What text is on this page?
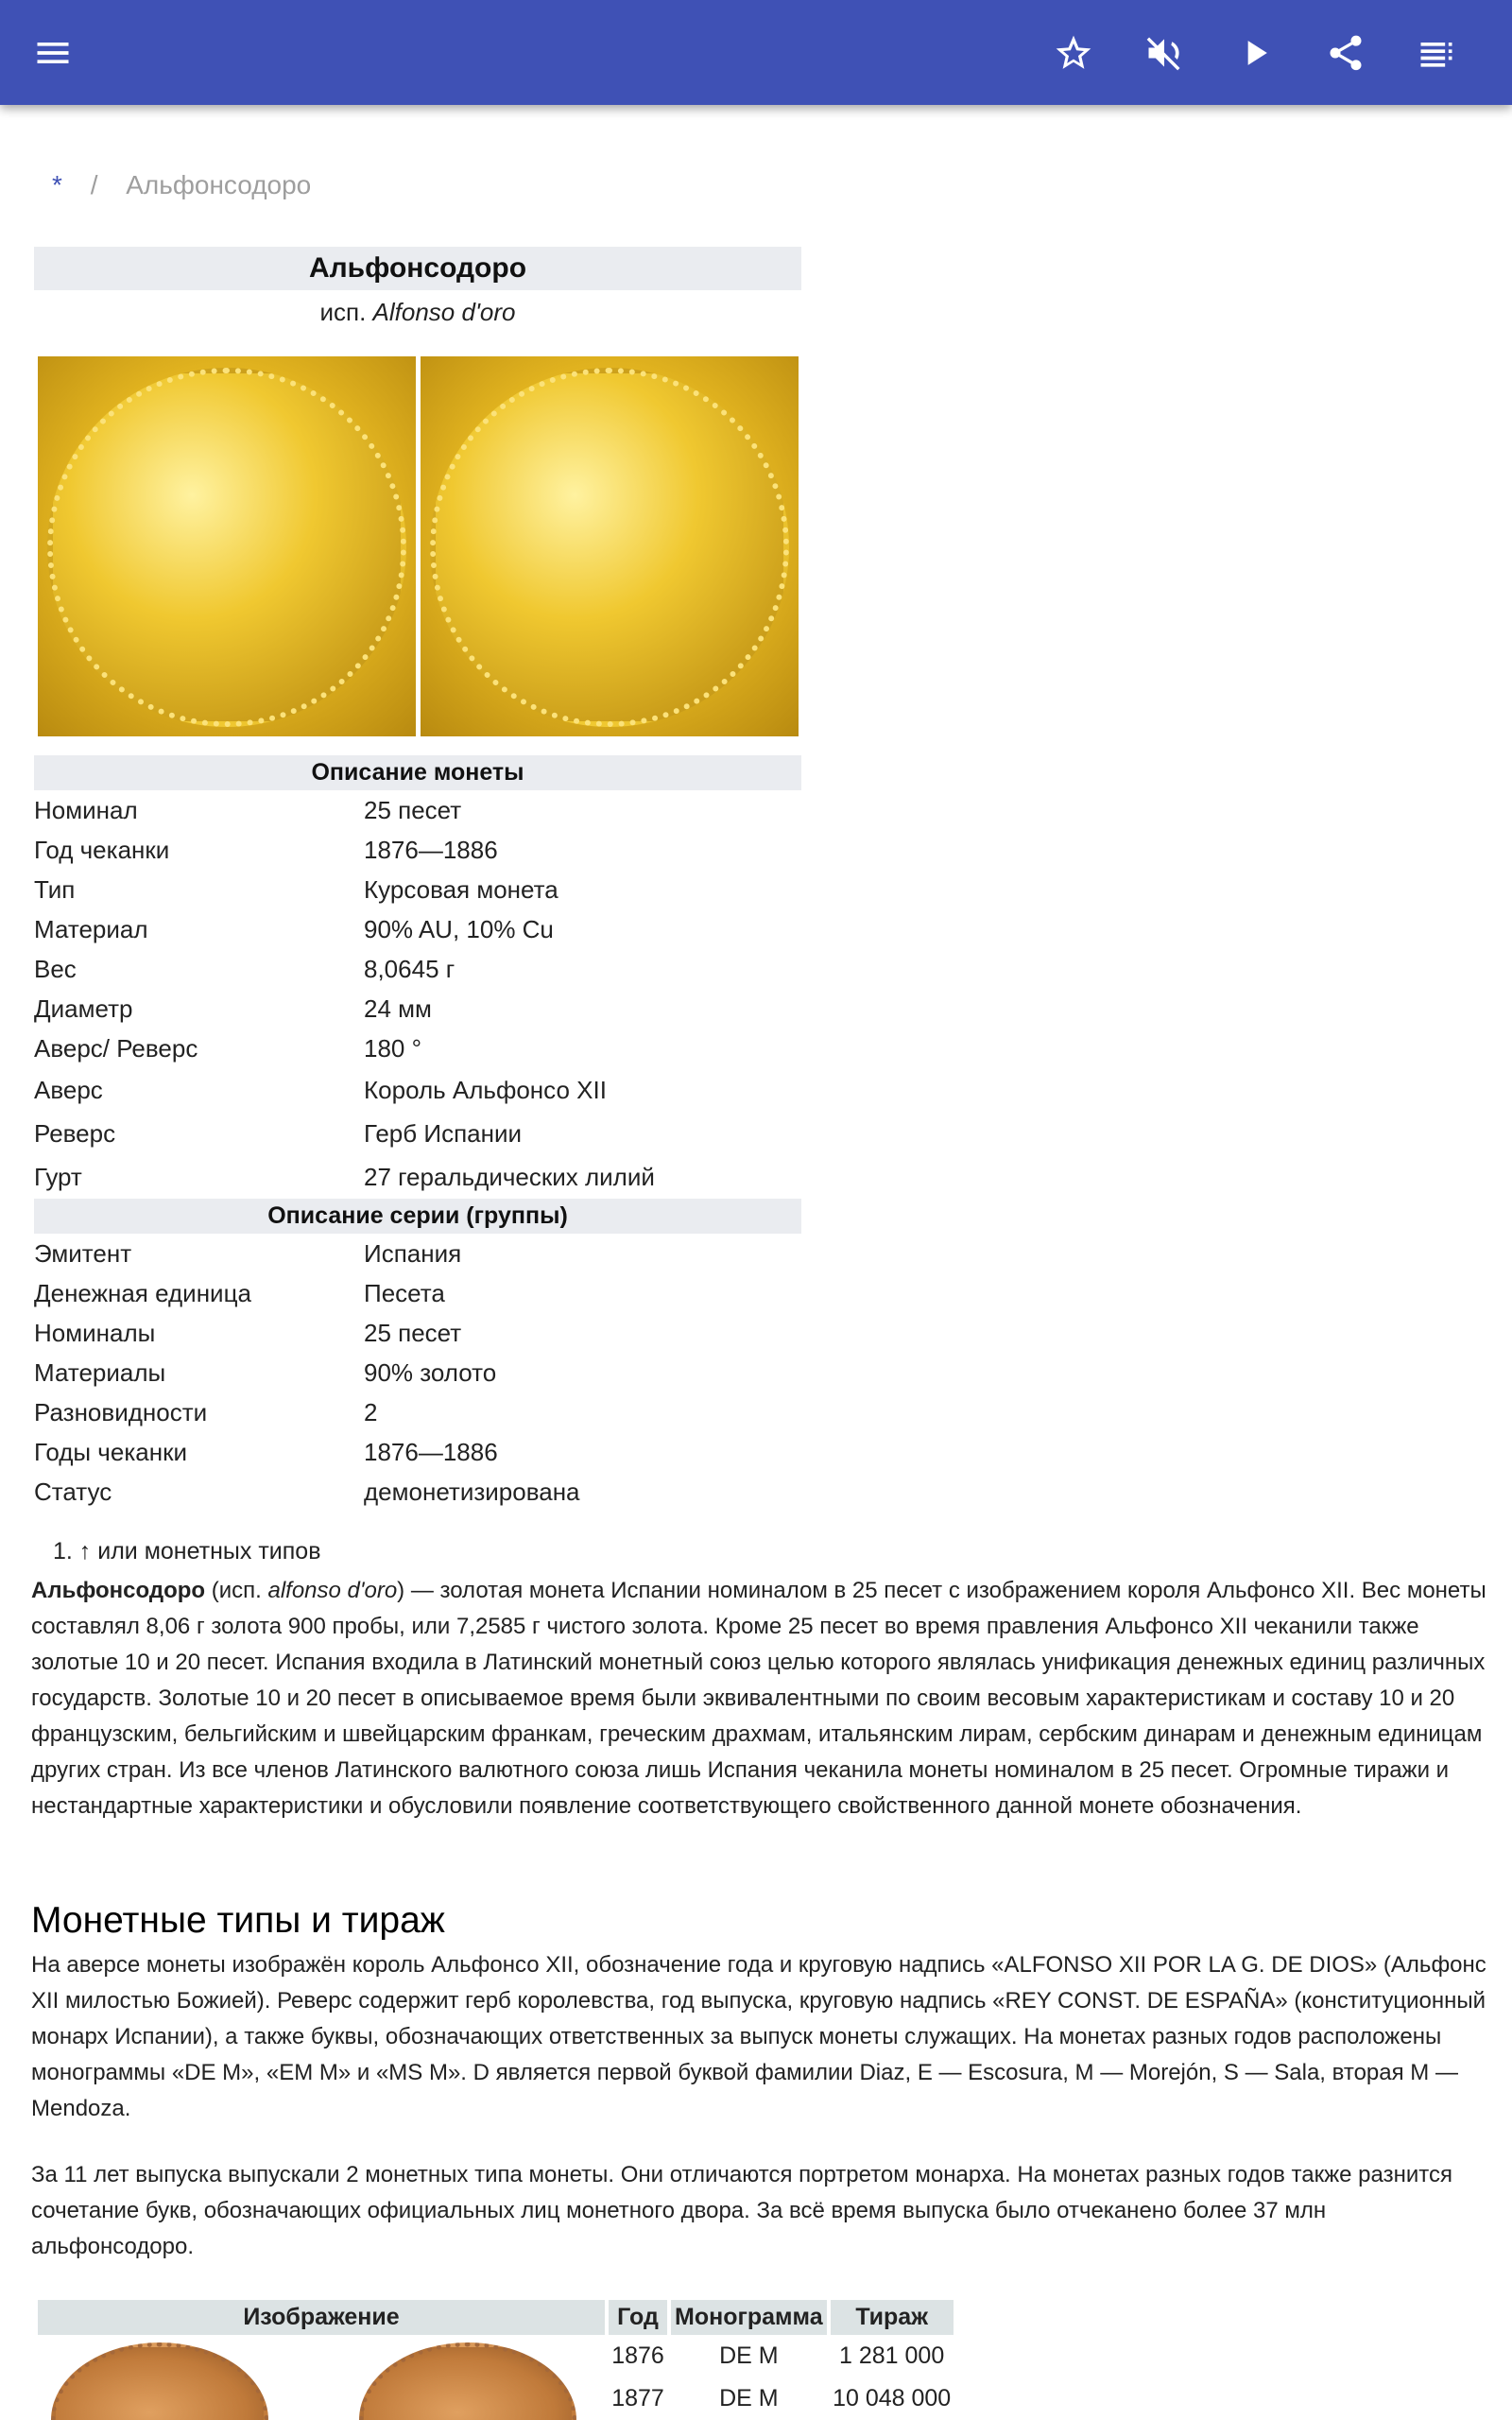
* / Альфонсодоро
Альфонсодоро
исп. Alfonso d'oro
Описание монеты
Номинал	25 песет
Год чеканки	1876—1886
Тип	Курсовая монета
Материал	90% AU, 10% Cu
Вес	8,0645 г
Диаметр	24 мм
Аверс/ Реверс	180 °
Аверс	Король Альфонсо XII
Реверс	Герб Испании
Гурт	27 геральдических лилий
Описание серии (группы)
Эмитент	Испания
Денежная единица	Песета
Номиналы	25 песет
Материалы	90% золото
Разновидности	2
Годы чеканки	1876—1886
Статус	демонетизирована
1. ↑ или монетных типов

Альфонсодоро (исп. alfonso d'oro) — золотая монета Испании номиналом в 25 песет с изображением короля Альфонсо XII. Вес монеты составлял 8,06 г золота 900 пробы, или 7,2585 г чистого золота. Кроме 25 песет во время правления Альфонсо XII чеканили также золотые 10 и 20 песет. Испания входила в Латинский монетный союз целью которого являлась унификация денежных единиц различных государств. Золотые 10 и 20 песет в описываемое время были эквивалентными по своим весовым характеристикам и составу 10 и 20 французским, бельгийским и швейцарским франкам, греческим драхмам, итальянским лирам, сербским динарам и денежным единицам других стран. Из все членов Латинского валютного союза лишь Испания чеканила монеты номиналом в 25 песет. Огромные тиражи и нестандартные характеристики и обусловили появление соответствующего свойственного данной монете обозначения.

Монетные типы и тираж

На аверсе монеты изображён король Альфонсо XII, обозначение года и круговую надпись «ALFONSO XII POR LA G. DE DIOS» (Альфонс XII милостью Божией). Реверс содержит герб королевства, год выпуска, круговую надпись «REY CONST. DE ESPAÑA» (конституционный монарх Испании), а также буквы, обозначающих ответственных за выпуск монеты служащих. На монетах разных годов расположены монограммы «DE M», «EM M» и «MS M». D является первой буквой фамилии Diaz, E — Escosura, M — Morejón, S — Sala, вторая M — Mendoza.

За 11 лет выпуска выпускали 2 монетных типа монеты. Они отличаются портретом монарха. На монетах разных годов также разнится сочетание букв, обозначающих официальных лиц монетного двора. За всё время выпуска было отчеканено более 37 млн альфонсодоро.

Изображение	Год	Монограмма	Тираж

	1876	DE M	1 281 000
	1877	DE M	10 048 000
